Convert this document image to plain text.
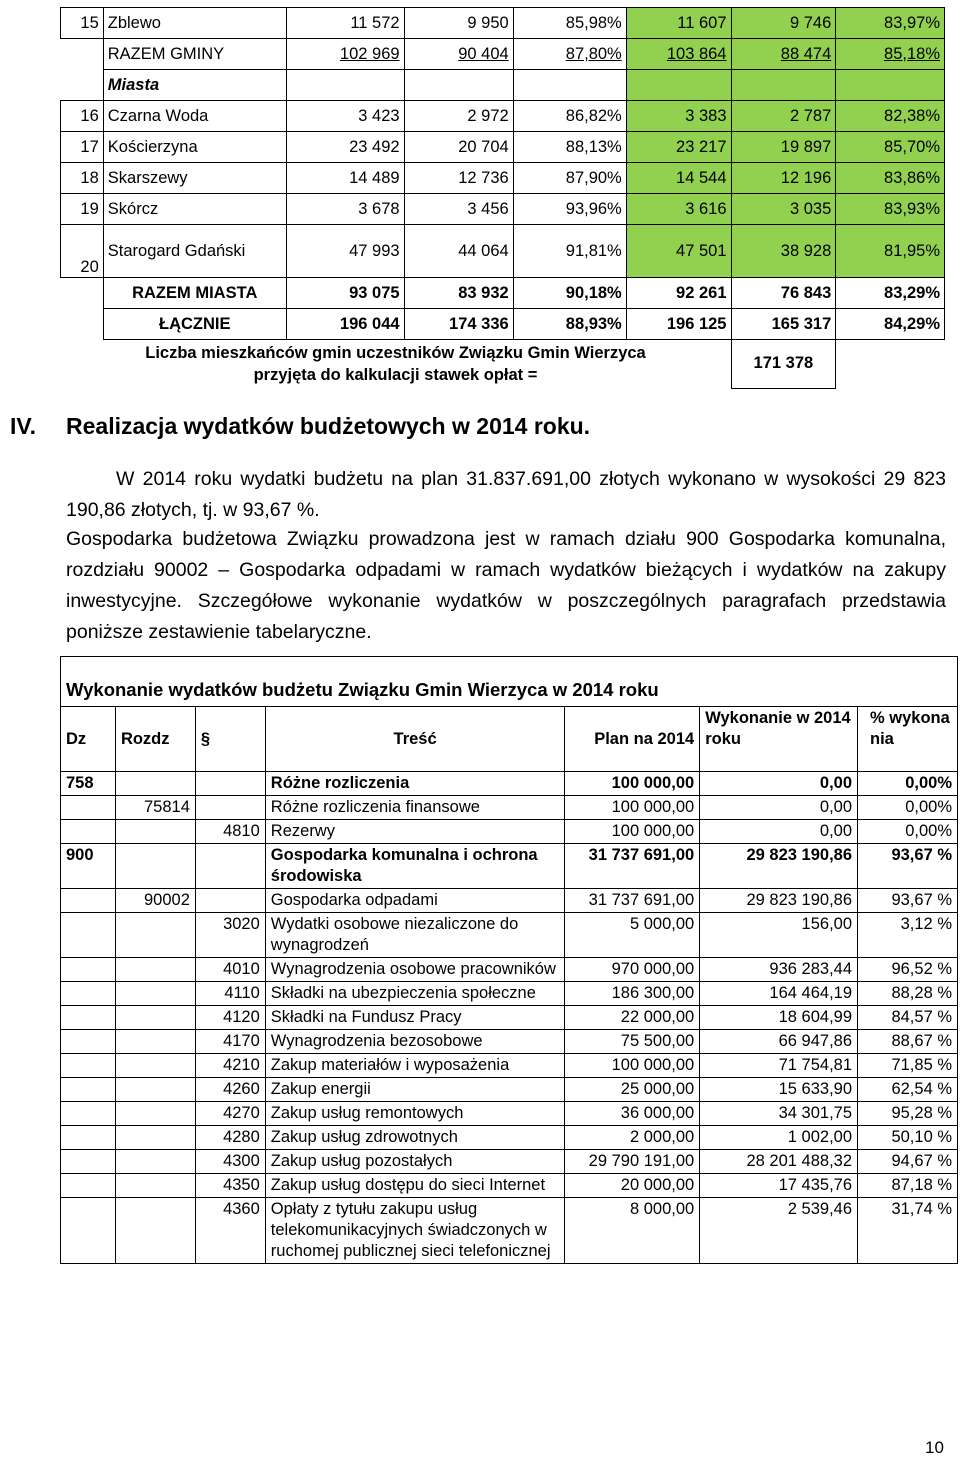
15	Zblewo	11 572	9 950	85,98%	11 607	9 746	83,97%
	RAZEM GMINY	102 969	90 404	87,80%	103 864	88 474	85,18%
	Miasta						
16	Czarna Woda	3 423	2 972	86,82%	3 383	2 787	82,38%
17	Kościerzyna	23 492	20 704	88,13%	23 217	19 897	85,70%
18	Skarszewy	14 489	12 736	87,90%	14 544	12 196	83,86%
19	Skórcz	3 678	3 456	93,96%	3 616	3 035	83,93%
20	Starogard Gdański	47 993	44 064	91,81%	47 501	38 928	81,95%
	RAZEM MIASTA	93 075	83 932	90,18%	92 261	76 843	83,29%
	ŁĄCZNIE	196 044	174 336	88,93%	196 125	165 317	84,29%

Liczba mieszkańców gmin uczestników Związku Gmin Wierzyca
przyjęta do kalkulacji stawek opłat =						171 378	
IV. Realizacja wydatków budżetowych w 2014 roku.
W 2014 roku wydatki budżetu na plan 31.837.691,00 złotych wykonano w wysokości 29 823 190,86 złotych, tj. w 93,67 %.
Gospodarka budżetowa Związku prowadzona jest w ramach działu 900 Gospodarka komunalna, rozdziału 90002 – Gospodarka odpadami w ramach wydatków bieżących i wydatków na zakupy inwestycyjne. Szczegółowe wykonanie wydatków w poszczególnych paragrafach przedstawia poniższe zestawienie tabelaryczne.
Wykonanie wydatków budżetu Związku Gmin Wierzyca w 2014 roku						
Dz	Rozdz	§	Treść	Plan na 2014	Wykonanie w 2014 roku	% wykona nia
758			Różne rozliczenia	100 000,00	0,00	0,00%
	75814		Różne rozliczenia finansowe	100 000,00	0,00	0,00%
		4810	Rezerwy	100 000,00	0,00	0,00%
900			Gospodarka komunalna i ochrona środowiska	31 737 691,00	29 823 190,86	93,67 %
	90002		Gospodarka odpadami	31 737 691,00	29 823 190,86	93,67 %
		3020	Wydatki osobowe niezaliczone do wynagrodzeń	5 000,00	156,00	3,12 %
		4010	Wynagrodzenia osobowe pracowników	970 000,00	936 283,44	96,52 %
		4110	Składki na ubezpieczenia społeczne	186 300,00	164 464,19	88,28 %
		4120	Składki na Fundusz Pracy	22 000,00	18 604,99	84,57 %
		4170	Wynagrodzenia bezosobowe	75 500,00	66 947,86	88,67 %
		4210	Zakup materiałów i wyposażenia	100 000,00	71 754,81	71,85 %
		4260	Zakup energii	25 000,00	15 633,90	62,54 %
		4270	Zakup usług remontowych	36 000,00	34 301,75	95,28 %
		4280	Zakup usług zdrowotnych	2 000,00	1 002,00	50,10 %
		4300	Zakup usług pozostałych	29 790 191,00	28 201 488,32	94,67 %
		4350	Zakup usług dostępu do sieci Internet	20 000,00	17 435,76	87,18 %
		4360	Opłaty z tytułu zakupu usług telekomunikacyjnych świadczonych w ruchomej publicznej sieci telefonicznej	8 000,00	2 539,46	31,74 %
10
